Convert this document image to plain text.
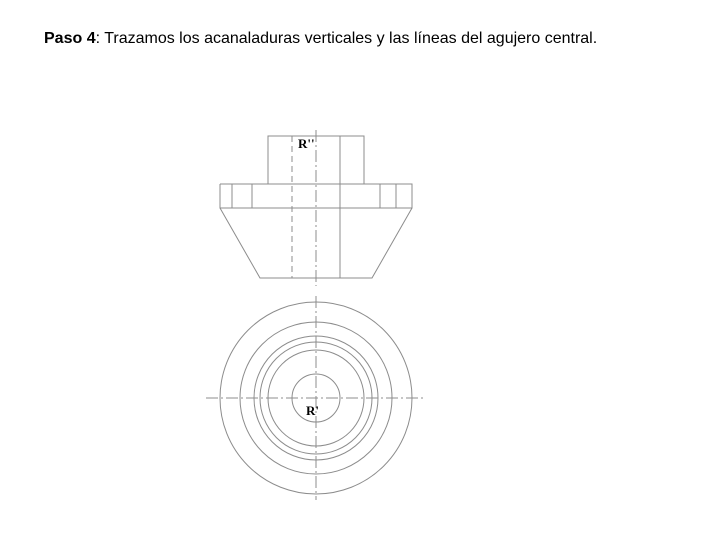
Paso 4: Trazamos los acanaladuras verticales y las líneas del agujero central.
R''
R'
